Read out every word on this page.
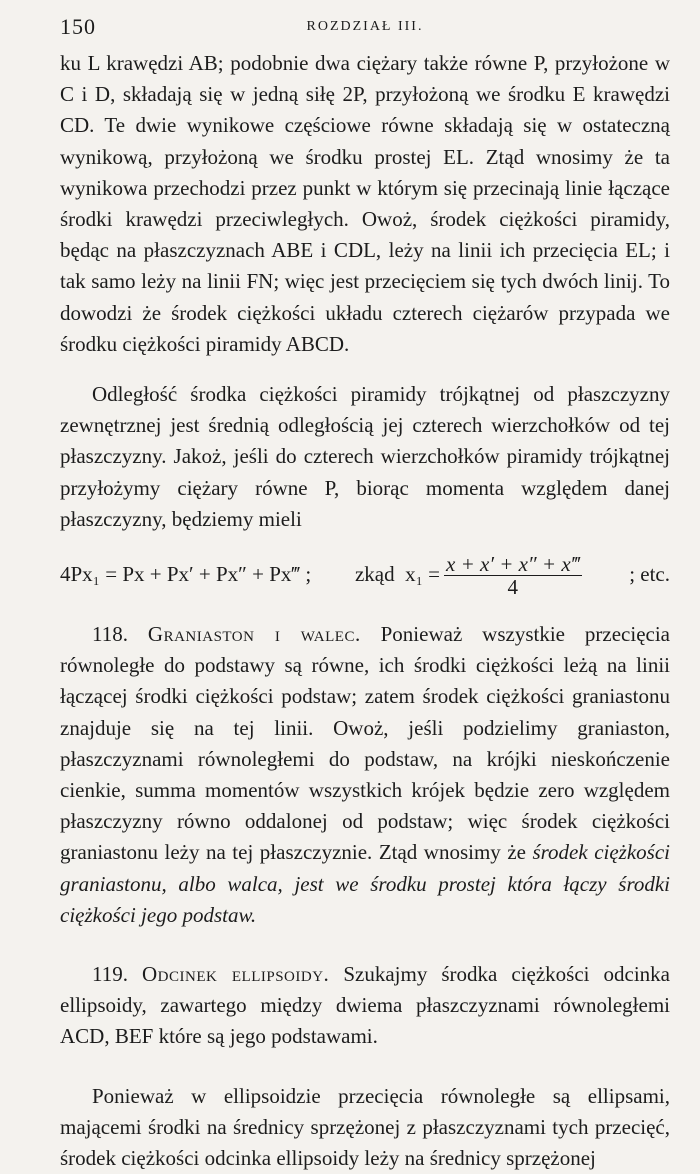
150	ROZDZIAŁ III.

ku L krawędzi AB; podobnie dwa ciężary także równe P, przyłożone w C i D, składają się w jedną siłę 2P, przyłożoną we środku E krawędzi CD. Te dwie wynikowe częściowe równe składają się w ostateczną wynikową, przyłożoną we środku prostej EL. Ztąd wnosimy że ta wynikowa przechodzi przez punkt w którym się przecinają linie łączące środki krawędzi przeciwległych. Owoż, środek ciężkości piramidy, będąc na płaszczyznach ABE i CDL, leży na linii ich przecięcia EL; i tak samo leży na linii FN; więc jest przecięciem się tych dwóch linij. To dowodzi że środek ciężkości układu czterech ciężarów przypada we środku ciężkości piramidy ABCD.

Odległość środka ciężkości piramidy trójkątnej od płaszczyzny zewnętrznej jest średnią odległością jej czterech wierzchołków od tej płaszczyzny. Jakoż, jeśli do czterech wierzchołków piramidy trójkątnej przyłożymy ciężary równe P, biorąc momenta względem danej płaszczyzny, będziemy mieli

4Px₁ = Px + Px′ + Px″ + Px‴ ; zkąd
$x_1 = \frac{x + x' + x'' + x‴}{4}$ ; etc.

118. Graniaston i walec. Ponieważ wszystkie przecięcia równoległe do podstawy są równe, ich środki ciężkości leżą na linii łączącej środki ciężkości podstaw; zatem środek ciężkości graniastonu znajduje się na tej linii. Owoż, jeśli podzielimy graniaston, płaszczyznami równoległemi do podstaw, na krójki nieskończenie cienkie, summa momentów wszystkich krójek będzie zero względem płaszczyzny równo oddalonej od podstaw; więc środek ciężkości graniastonu leży na tej płaszczyznie. Ztąd wnosimy że środek ciężkości graniastonu, albo walca, jest we środku prostej która łączy środki ciężkości jego podstaw.

119. Odcinek ellipsoidy. Szukajmy środka ciężkości odcinka ellipsoidy, zawartego między dwiema płaszczyznami równoległemi ACD, BEF które są jego podstawami.

Ponieważ w ellipsoidzie przecięcia równoległe są ellipsami, mającemi środki na średnicy sprzężonej z płaszczyznami tych przecięć, środek ciężkości odcinka ellipsoidy leży na średnicy sprzężonej
